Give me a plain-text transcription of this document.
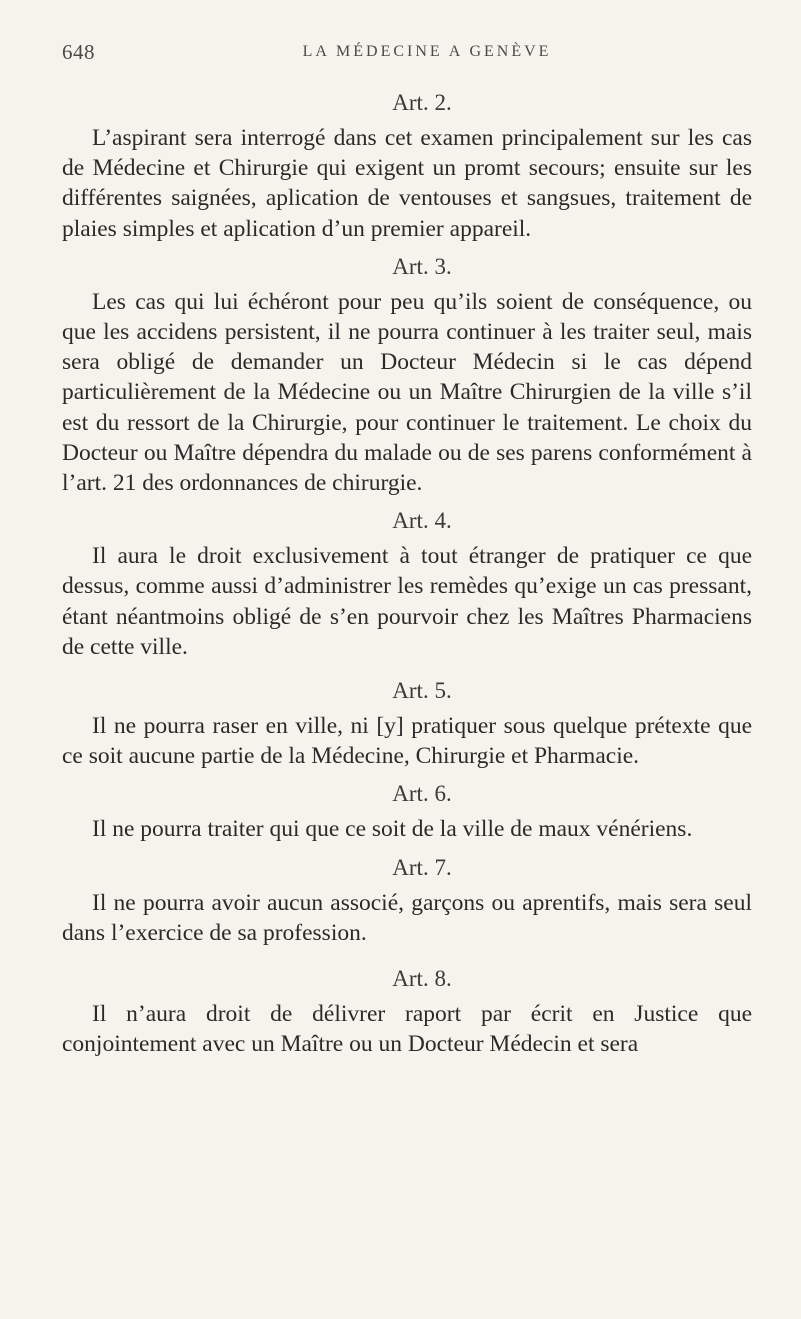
648	LA MÉDECINE A GENÈVE
Art. 2.

L’aspirant sera interrogé dans cet examen principalement sur les cas de Médecine et Chirurgie qui exigent un promt secours; ensuite sur les différentes saignées, aplication de ventouses et sangsues, traitement de plaies simples et aplication d’un premier appareil.

Art. 3.

Les cas qui lui échéront pour peu qu’ils soient de conséquence, ou que les accidens persistent, il ne pourra continuer à les traiter seul, mais sera obligé de demander un Docteur Médecin si le cas dépend particulièrement de la Médecine ou un Maître Chirurgien de la ville s’il est du ressort de la Chirurgie, pour continuer le traitement. Le choix du Docteur ou Maître dépendra du malade ou de ses parens conformément à l’art. 21 des ordonnances de chirurgie.

Art. 4.

Il aura le droit exclusivement à tout étranger de pratiquer ce que dessus, comme aussi d’administrer les remèdes qu’exige un cas pressant, étant néantmoins obligé de s’en pourvoir chez les Maîtres Pharmaciens de cette ville.

Art. 5.

Il ne pourra raser en ville, ni [y] pratiquer sous quelque prétexte que ce soit aucune partie de la Médecine, Chirurgie et Pharmacie.

Art. 6.

Il ne pourra traiter qui que ce soit de la ville de maux vénériens.

Art. 7.

Il ne pourra avoir aucun associé, garçons ou aprentifs, mais sera seul dans l’exercice de sa profession.

Art. 8.

Il n’aura droit de délivrer raport par écrit en Justice que conjointement avec un Maître ou un Docteur Médecin et sera
